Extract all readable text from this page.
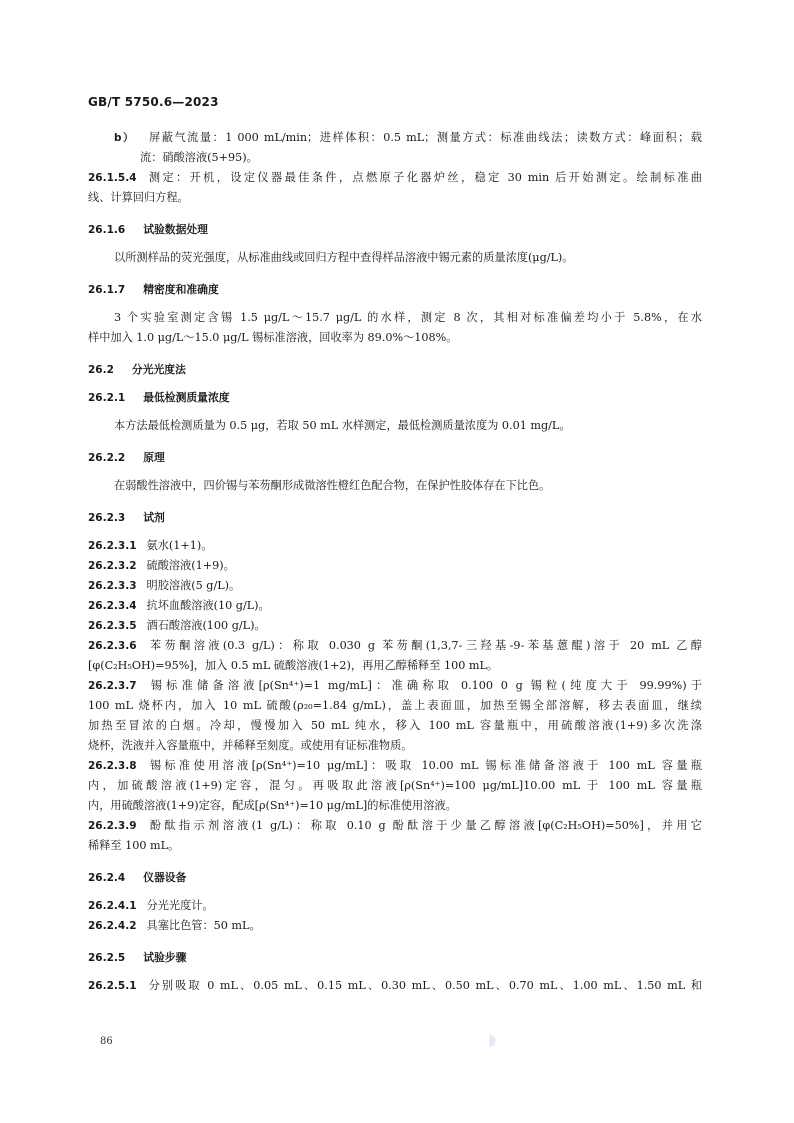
GB/T 5750.6—2023
b） 屏蔽气流量：1 000 mL/min；进样体积：0.5 mL；测量方式：标准曲线法；读数方式：峰面积；载
流：硝酸溶液(5+95)。
26.1.5.4 测定：开机，设定仪器最佳条件，点燃原子化器炉丝，稳定 30 min 后开始测定。绘制标准曲
线、计算回归方程。
26.1.6 试验数据处理
以所测样品的荧光强度，从标准曲线或回归方程中查得样品溶液中锡元素的质量浓度(μg/L)。
26.1.7 精密度和准确度
3 个实验室测定含锡 1.5 μg/L～15.7 μg/L 的水样，测定 8 次，其相对标准偏差均小于 5.8%，在水
样中加入 1.0 μg/L～15.0 μg/L 锡标准溶液，回收率为 89.0%～108%。
26.2 分光光度法
26.2.1 最低检测质量浓度
本方法最低检测质量为 0.5 μg，若取 50 mL 水样测定，最低检测质量浓度为 0.01 mg/L。
26.2.2 原理
在弱酸性溶液中，四价锡与苯芴酮形成微溶性橙红色配合物，在保护性胶体存在下比色。
26.2.3 试剂
26.2.3.1 氨水(1+1)。
26.2.3.2 硫酸溶液(1+9)。
26.2.3.3 明胶溶液(5 g/L)。
26.2.3.4 抗坏血酸溶液(10 g/L)。
26.2.3.5 酒石酸溶液(100 g/L)。
26.2.3.6 苯芴酮溶液(0.3 g/L)：称取 0.030 g 苯芴酮(1,3,7-三羟基-9-苯基蒽醌)溶于 20 mL 乙醇
[φ(C₂H₅OH)=95%]，加入 0.5 mL 硫酸溶液(1+2)，再用乙醇稀释至 100 mL。
26.2.3.7 锡标准储备溶液[ρ(Sn⁴⁺)=1 mg/mL]：准确称取 0.100 0 g 锡粒(纯度大于 99.99%)于
100 mL 烧杯内，加入 10 mL 硫酸(ρ₂₀=1.84 g/mL)，盖上表面皿，加热至锡全部溶解，移去表面皿，继续
加热至冒浓的白烟。冷却，慢慢加入 50 mL 纯水，移入 100 mL 容量瓶中，用硫酸溶液(1+9)多次洗涤
烧杯，洗液并入容量瓶中，并稀释至刻度。或使用有证标准物质。
26.2.3.8 锡标准使用溶液[ρ(Sn⁴⁺)=10 μg/mL]：吸取 10.00 mL 锡标准储备溶液于 100 mL 容量瓶
内，加硫酸溶液(1+9)定容，混匀。再吸取此溶液[ρ(Sn⁴⁺)=100 μg/mL]10.00 mL 于 100 mL 容量瓶
内，用硫酸溶液(1+9)定容，配成[ρ(Sn⁴⁺)=10 μg/mL]的标准使用溶液。
26.2.3.9 酚酞指示剂溶液(1 g/L)：称取 0.10 g 酚酞溶于少量乙醇溶液[φ(C₂H₅OH)=50%]，并用它
稀释至 100 mL。
26.2.4 仪器设备
26.2.4.1 分光光度计。
26.2.4.2 具塞比色管：50 mL。
26.2.5 试验步骤
26.2.5.1 分别吸取 0 mL、0.05 mL、0.15 mL、0.30 mL、0.50 mL、0.70 mL、1.00 mL、1.50 mL 和
86	◗
